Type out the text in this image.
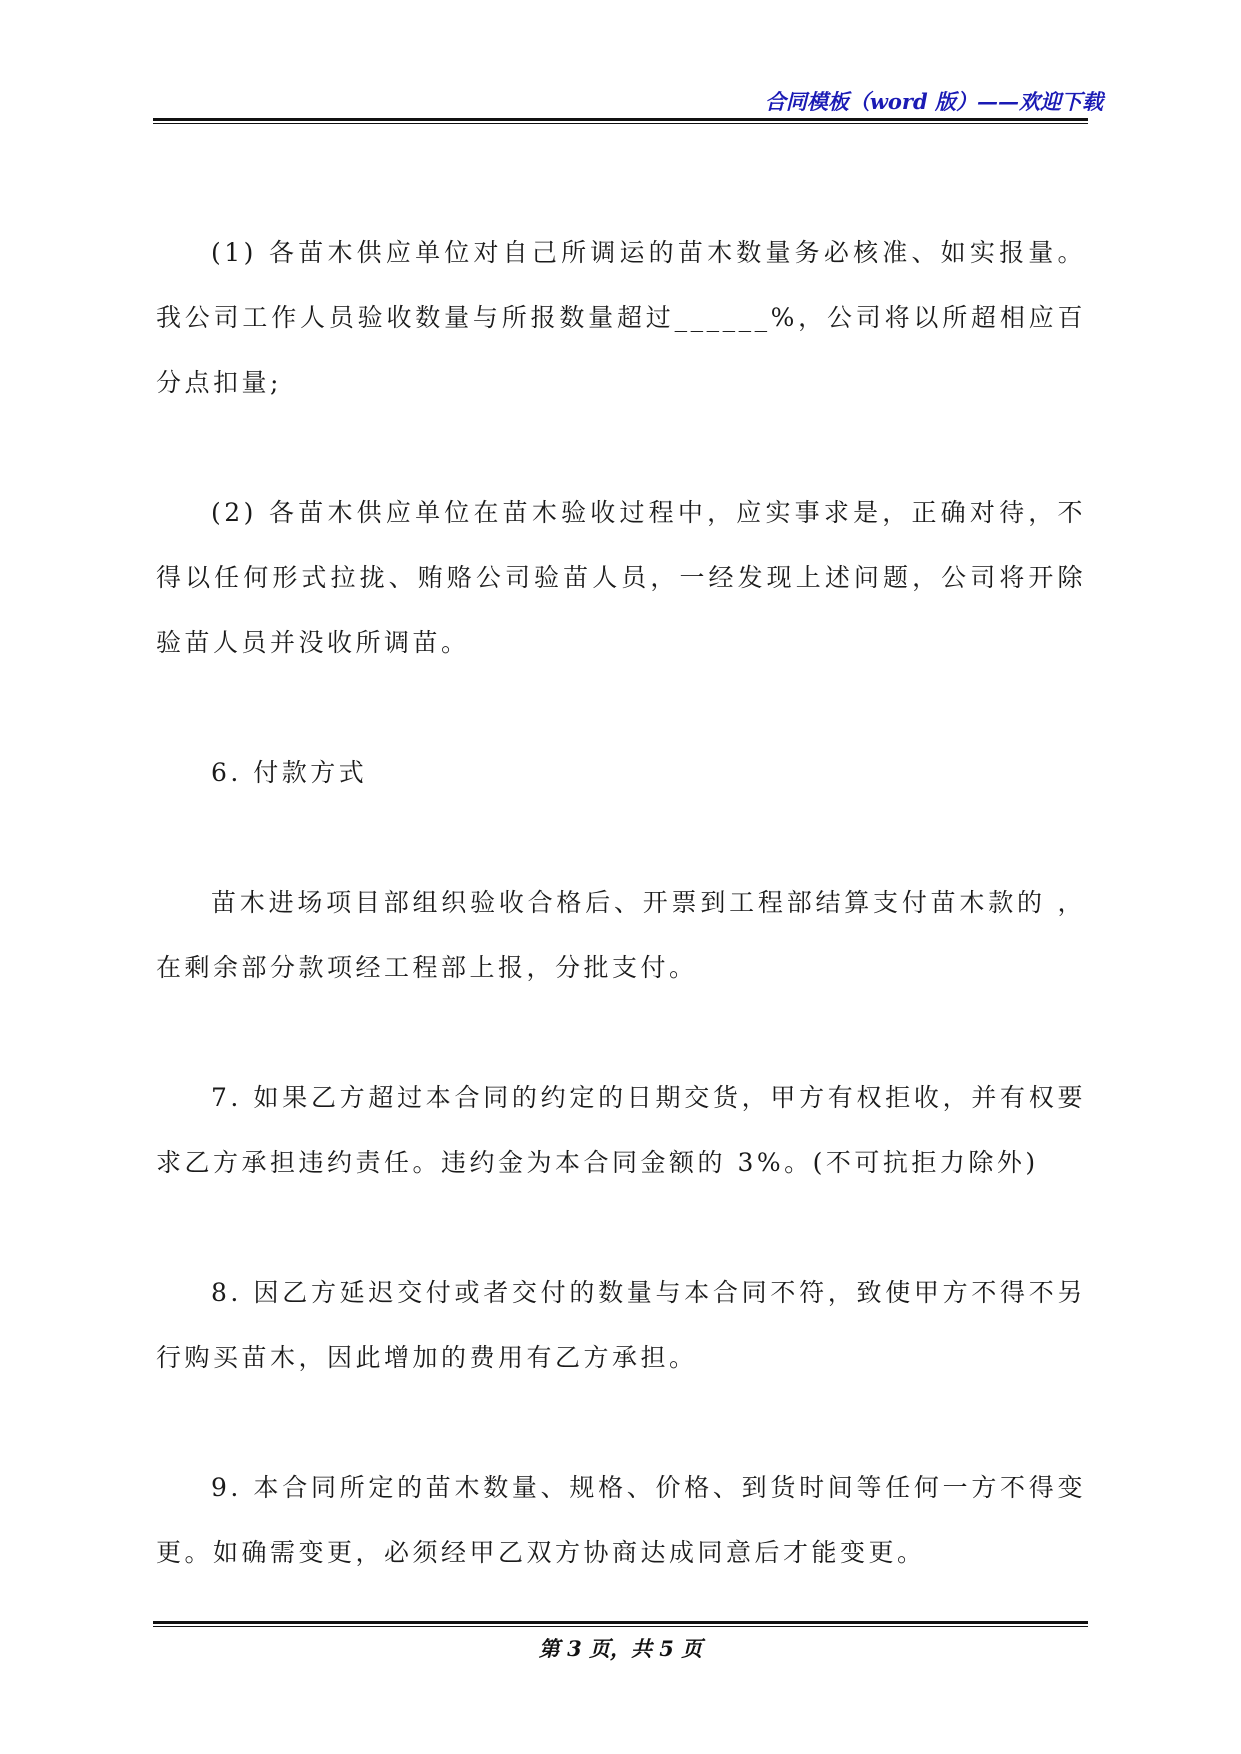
合同模板（word 版）——欢迎下载

(1) 各苗木供应单位对自己所调运的苗木数量务必核准、如实报量。我公司工作人员验收数量与所报数量超过______%，公司将以所超相应百分点扣量;

(2) 各苗木供应单位在苗木验收过程中，应实事求是，正确对待，不得以任何形式拉拢、贿赂公司验苗人员，一经发现上述问题，公司将开除验苗人员并没收所调苗。

6. 付款方式

苗木进场项目部组织验收合格后、开票到工程部结算支付苗木款的 ，在剩余部分款项经工程部上报，分批支付。

7. 如果乙方超过本合同的约定的日期交货，甲方有权拒收，并有权要求乙方承担违约责任。违约金为本合同金额的 3%。(不可抗拒力除外)

8. 因乙方延迟交付或者交付的数量与本合同不符，致使甲方不得不另行购买苗木，因此增加的费用有乙方承担。

9. 本合同所定的苗木数量、规格、价格、到货时间等任何一方不得变更。如确需变更，必须经甲乙双方协商达成同意后才能变更。

第 3 页，共 5 页
